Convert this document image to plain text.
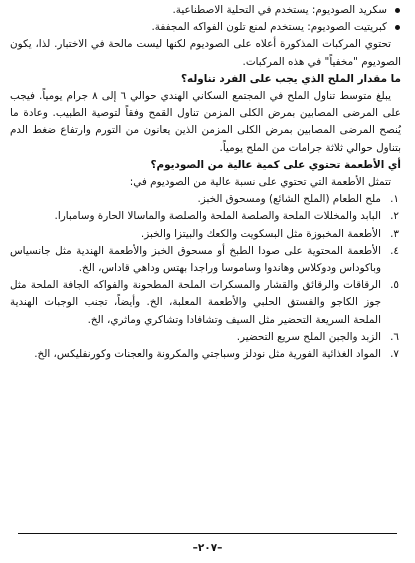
سكريد الصوديوم: يستخدم في التحلية الاصطناعية.
كبريتيت الصوديوم: يستخدم لمنع تلون الفواكه المجففة.

تحتوي المركبات المذكورة أعلاه على الصوديوم لكنها ليست مالحة في الاختبار. لذا، يكون الصوديوم "مخفياً" في هذه المركبات.

ما مقدار الملح الذي يجب على الفرد تناوله؟

يبلغ متوسط تناول الملح في المجتمع السكاني الهندي حوالي ٦ إلى ٨ جرام يومياً. فيجب على المرضى المصابين بمرض الكلى المزمن تناول القمح وفقاً لتوصية الطبيب. وعادة ما يُنصح المرضى المصابين بمرض الكلى المزمن الذين يعانون من التورم وارتفاع ضغط الدم بتناول حوالي ثلاثة جرامات من الملح يومياً.

أي الأطعمة تحتوي على كمية عالية من الصوديوم؟

تتمثل الأطعمة التي تحتوي على نسبة عالية من الصوديوم في:

١.
ملح الطعام (الملح الشائع) ومسحوق الخبز.
٢.
البابد والمخللات الملحة والصلصة الملحة والصلصة والماسالا الحارة وسامبارا.
٣.
الأطعمة المخبوزة مثل البسكويت والكعك والبيتزا والخبز.
٤.
الأطعمة المحتوية على صودا الطبخ أو مسحوق الخبز والأطعمة الهندية مثل جانسياس وباكوداس ودوكلاس وهاندوا وساموسا وراجدا بهتس وداهي قاداس، الخ.
٥.
الرقاقات والرقائق والقشار والمسكرات الملحة المطحونة والفواكه الجافة الملحة مثل جوز الكاجو والفستق الحلبي والأطعمة المعلبة، الخ. وأيضاً، تجنب الوجبات الهندية الملحة السريعة التحضير مثل السيف وتشافادا وتشاكري وماثري، الخ.
٦.
الزبد والجبن الملح سريع التحضير.
٧.
المواد الغذائية الفورية مثل نودلز وسباجتي والمكرونة والعجنات وكورنفليكس، الخ.
–٢٠٧–
